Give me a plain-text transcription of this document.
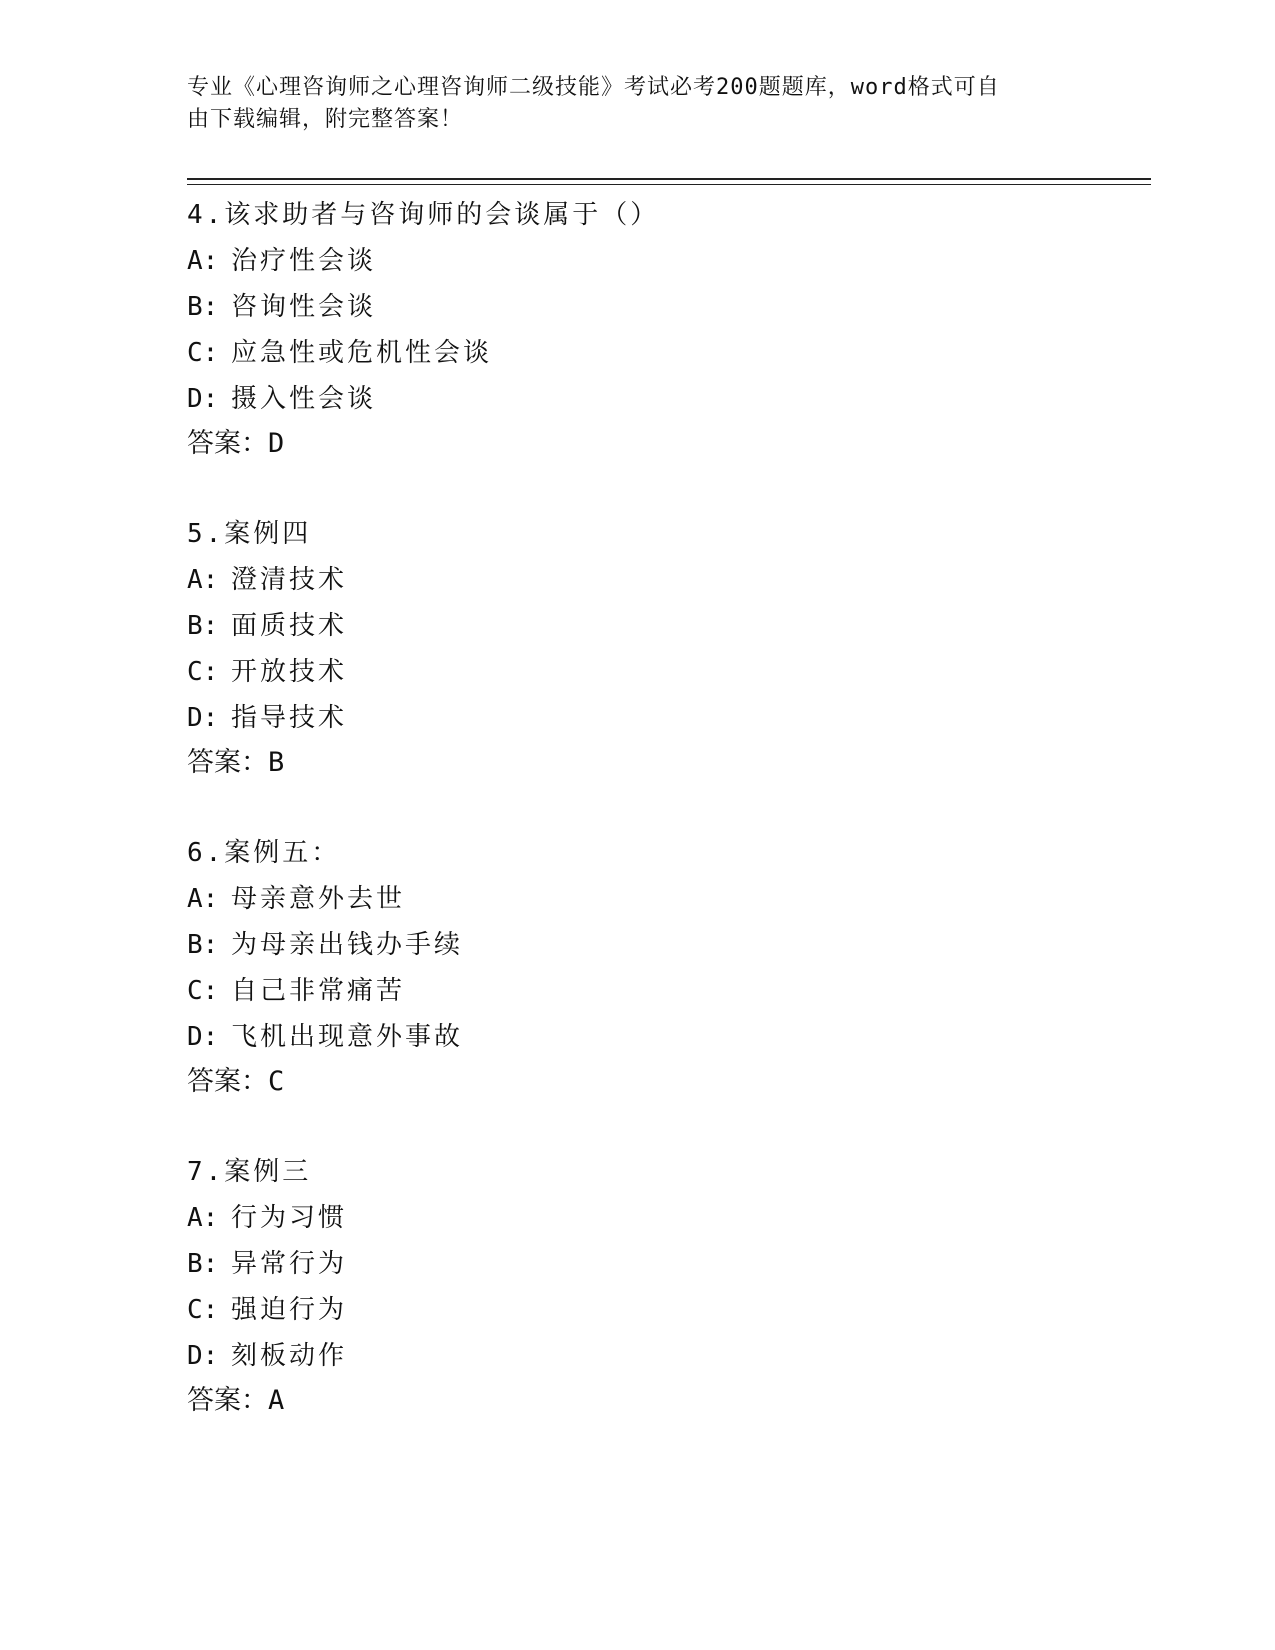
专业《心理咨询师之心理咨询师二级技能》考试必考200题题库，word格式可自
由下载编辑，附完整答案！
4.该求助者与咨询师的会谈属于（）
A: 治疗性会谈
B: 咨询性会谈
C: 应急性或危机性会谈
D: 摄入性会谈
答案：D
5.案例四
A: 澄清技术
B: 面质技术
C: 开放技术
D: 指导技术
答案：B
6.案例五：
A: 母亲意外去世
B: 为母亲出钱办手续
C: 自己非常痛苦
D: 飞机出现意外事故
答案：C
7.案例三
A: 行为习惯
B: 异常行为
C: 强迫行为
D: 刻板动作
答案：A
